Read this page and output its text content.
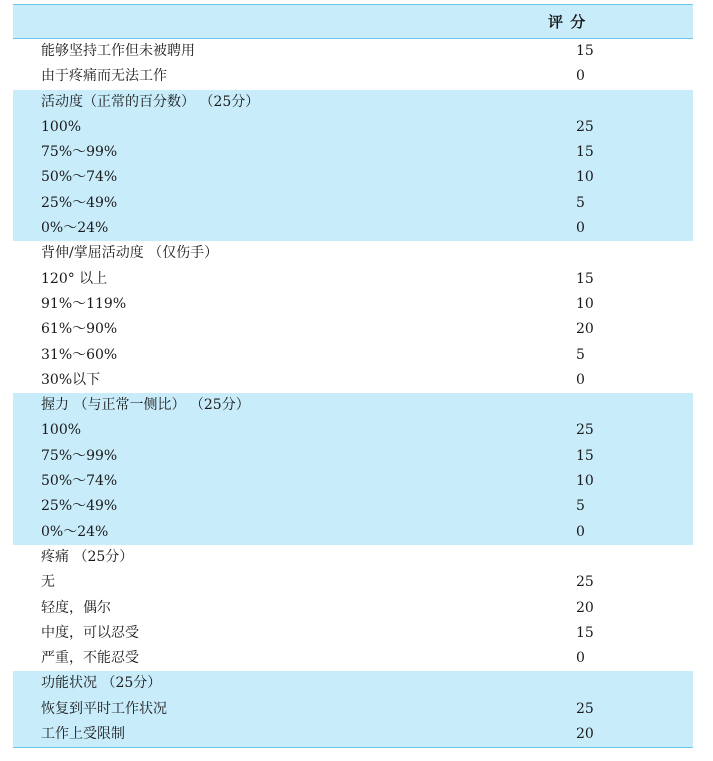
评 分
能够坚持工作但未被聘用	15
由于疼痛而无法工作	0
活动度（正常的百分数） （25分）
100%	25
75%～99%	15
50%～74%	10
25%～49%	5
0%～24%	0
背伸/掌屈活动度 （仅伤手）
120° 以上	15
91%～119%	10
61%～90%	20
31%～60%	5
30%以下	0
握力 （与正常一侧比） （25分）
100%	25
75%～99%	15
50%～74%	10
25%～49%	5
0%～24%	0
疼痛 （25分）
无	25
轻度，偶尔	20
中度，可以忍受	15
严重，不能忍受	0
功能状况 （25分）
恢复到平时工作状况	25
工作上受限制	20
